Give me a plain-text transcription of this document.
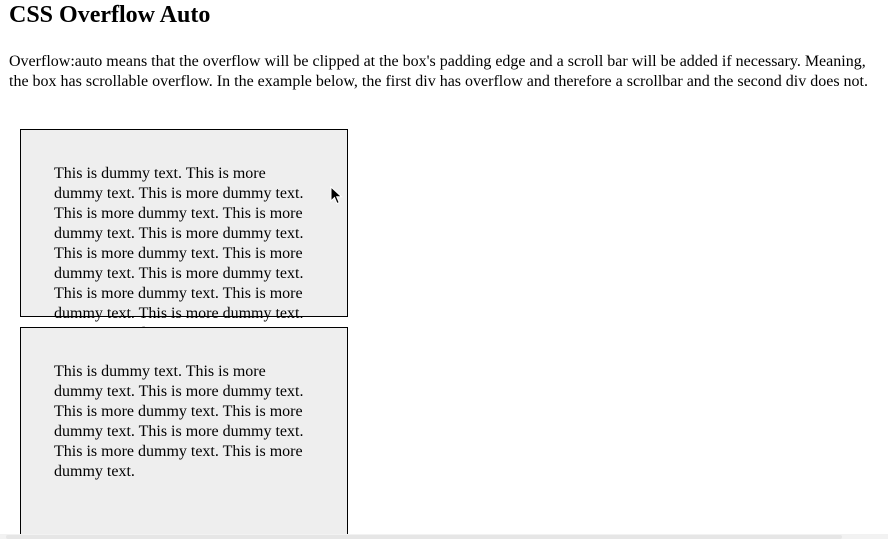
CSS Overflow Auto

Overflow:auto means that the overflow will be clipped at the box's padding edge and a scroll bar will be added if necessary. Meaning, the box has scrollable overflow. In the example below, the first div has overflow and therefore a scrollbar and the second div does not.

This is dummy text. This is more dummy text. This is more dummy text. This is more dummy text. This is more dummy text. This is more dummy text. This is more dummy text. This is more dummy text. This is more dummy text. This is more dummy text. This is more dummy text. This is more dummy text.

This is dummy text. This is more dummy text. This is more dummy text. This is more dummy text. This is more dummy text. This is more dummy text. This is more dummy text. This is more dummy text.
